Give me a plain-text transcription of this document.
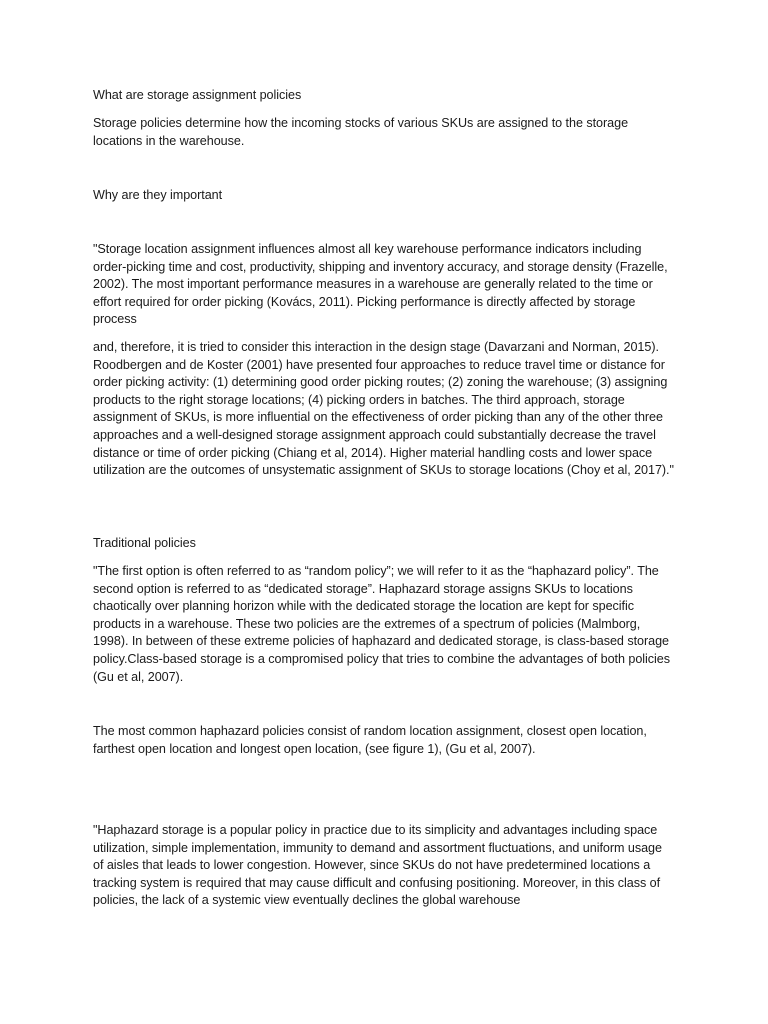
What are storage assignment policies

Storage policies determine how the incoming stocks of various SKUs are assigned to the storage locations in the warehouse.

Why are they important

"Storage location assignment influences almost all key warehouse performance indicators including order-picking time and cost, productivity, shipping and inventory accuracy, and storage density (Frazelle, 2002). The most important performance measures in a warehouse are generally related to the time or effort required for order picking (Kovács, 2011). Picking performance is directly affected by storage process

and, therefore, it is tried to consider this interaction in the design stage (Davarzani and Norman, 2015). Roodbergen and de Koster (2001) have presented four approaches to reduce travel time or distance for order picking activity: (1) determining good order picking routes; (2) zoning the warehouse; (3) assigning products to the right storage locations; (4) picking orders in batches. The third approach, storage assignment of SKUs, is more influential on the effectiveness of order picking than any of the other three approaches and a well-designed storage assignment approach could substantially decrease the travel distance or time of order picking (Chiang et al, 2014). Higher material handling costs and lower space utilization are the outcomes of unsystematic assignment of SKUs to storage locations (Choy et al, 2017)."

Traditional policies

"The first option is often referred to as “random policy”; we will refer to it as the “haphazard policy”. The second option is referred to as “dedicated storage”. Haphazard storage assigns SKUs to locations chaotically over planning horizon while with the dedicated storage the location are kept for specific products in a warehouse. These two policies are the extremes of a spectrum of policies (Malmborg, 1998). In between of these extreme policies of haphazard and dedicated storage, is class-based storage policy.Class-based storage is a compromised policy that tries to combine the advantages of both policies (Gu et al, 2007).

The most common haphazard policies consist of random location assignment, closest open location, farthest open location and longest open location, (see figure 1), (Gu et al, 2007).

"Haphazard storage is a popular policy in practice due to its simplicity and advantages including space utilization, simple implementation, immunity to demand and assortment fluctuations, and uniform usage of aisles that leads to lower congestion. However, since SKUs do not have predetermined locations a tracking system is required that may cause difficult and confusing positioning. Moreover, in this class of policies, the lack of a systemic view eventually declines the global warehouse
